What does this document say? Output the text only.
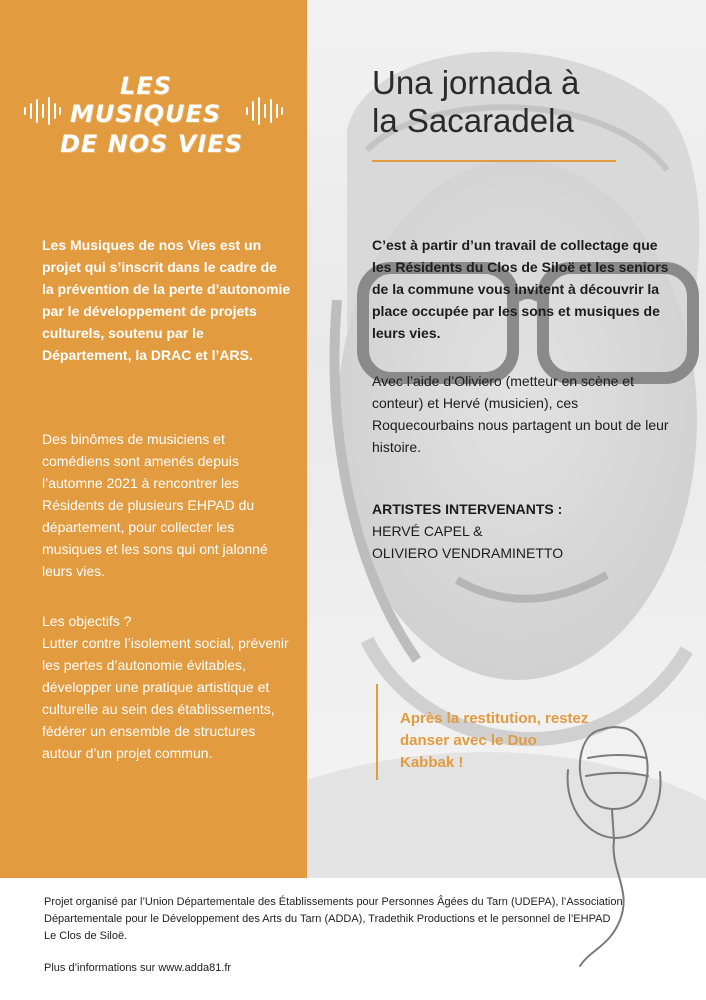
LES
MUSIQUES
DE NOS VIES
Les Musiques de nos Vies est un projet qui s’inscrit dans le cadre de la prévention de la perte d’autonomie par le développement de projets culturels, soutenu par le Département, la DRAC et l’ARS.
Des binômes de musiciens et comédiens sont amenés depuis l’automne 2021 à rencontrer les Résidents de plusieurs EHPAD du département, pour collecter les musiques et les sons qui ont jalonné leurs vies.
Les objectifs ?
Lutter contre l’isolement social, prévenir les pertes d’autonomie évitables, développer une pratique artistique et culturelle au sein des établissements, fédérer un ensemble de structures autour d’un projet commun.
Una jornada à
la Sacaradela
C’est à partir d’un travail de collectage que les Résidents du Clos de Siloë et les seniors de la commune vous invitent à découvrir la place occupée par les sons et musiques de leurs vies.
Avec l’aide d’Oliviero (metteur en scène et conteur) et Hervé (musicien), ces Roquecourbains nous partagent un bout de leur histoire.
ARTISTES INTERVENANTS :
HERVÉ CAPEL &
OLIVIERO VENDRAMINETTO
Après la restitution, restez danser avec le Duo Kabbak !
Projet organisé par l’Union Départementale des Établissements pour Personnes Âgées du Tarn (UDEPA), l’Association Départementale pour le Développement des Arts du Tarn (ADDA), Tradethik Productions et le personnel de l’EHPAD Le Clos de Siloë.
Plus d’informations sur www.adda81.fr
